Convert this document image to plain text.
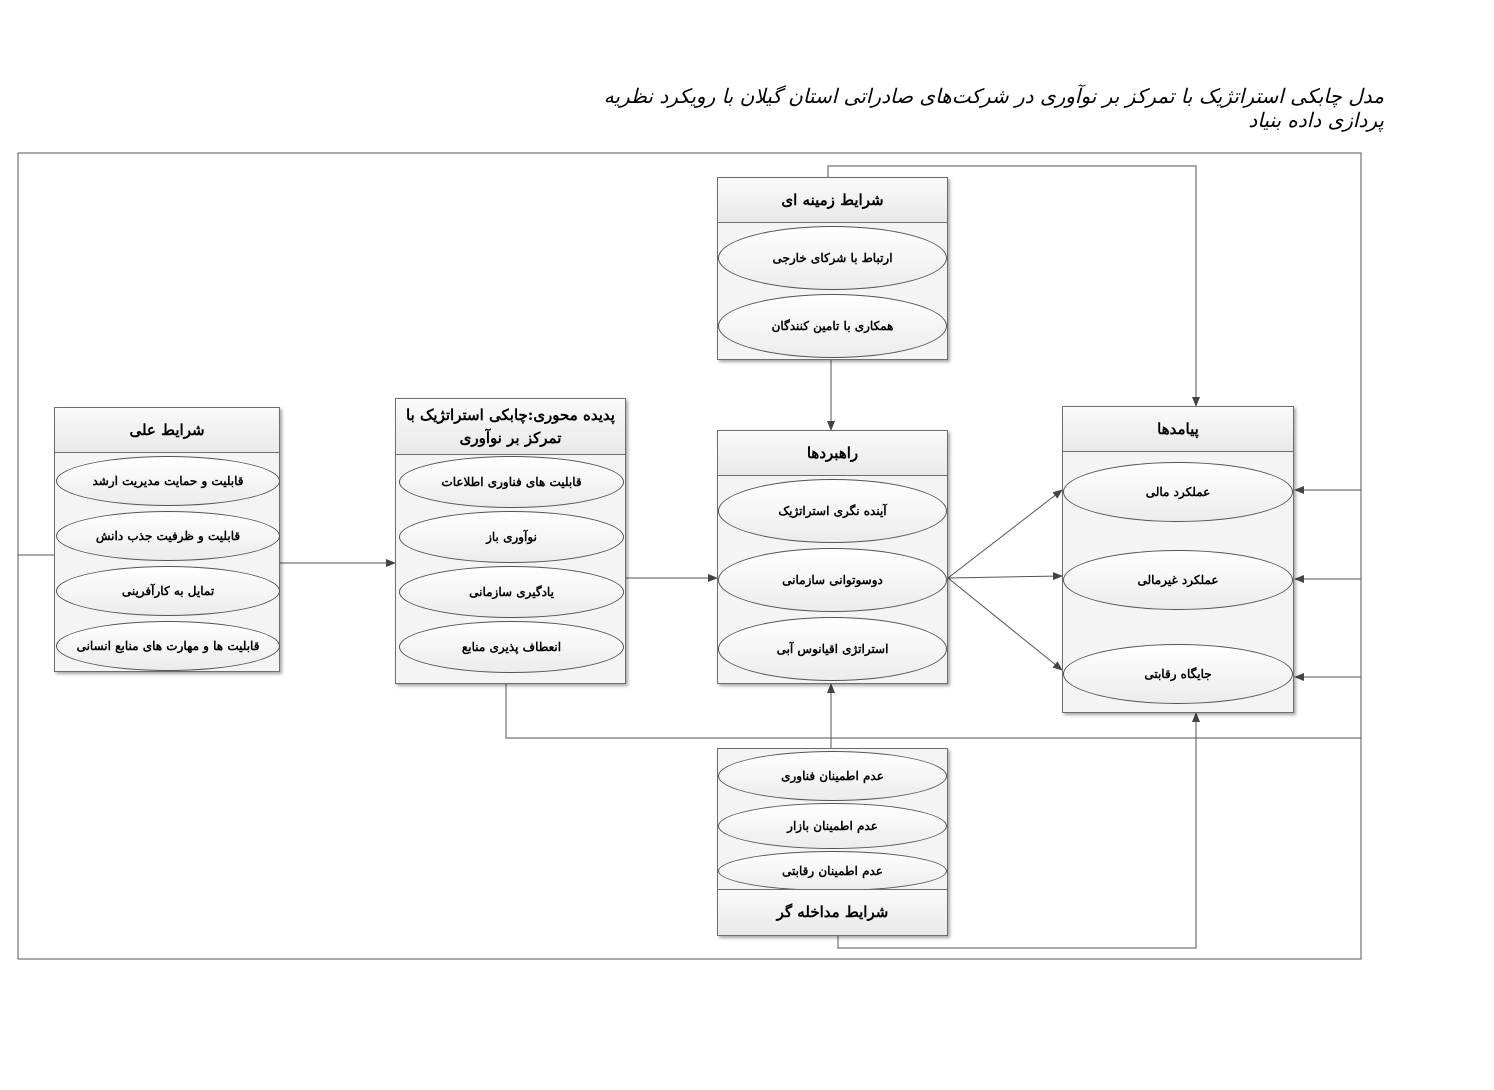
مدل چابکی استراتژیک با تمرکز بر نوآوری در شرکت‌های صادراتی استان گیلان با رویکرد نظریه پردازی داده بنیاد
شرایط علی
قابلیت و حمایت مدیریت ارشد
قابلیت و ظرفیت جذب دانش
تمایل به کارآفرینی
قابلیت ها و مهارت های منابع انسانی
پدیده محوری:چابکی استراتژیک با تمرکز بر نوآوری
قابلیت های فناوری اطلاعات
نوآوری باز
یادگیری سازمانی
انعطاف پذیری منابع
شرایط زمینه ای
ارتباط با شرکای خارجی
همکاری با تامین کنندگان
راهبردها
آینده نگری استراتژیک
دوسوتوانی سازمانی
استراتژی اقیانوس آبی
عدم اطمینان فناوری
عدم اطمینان بازار
عدم اطمینان رقابتی
شرایط مداخله گر
پیامدها
عملکرد مالی
عملکرد غیرمالی
جایگاه رقابتی
